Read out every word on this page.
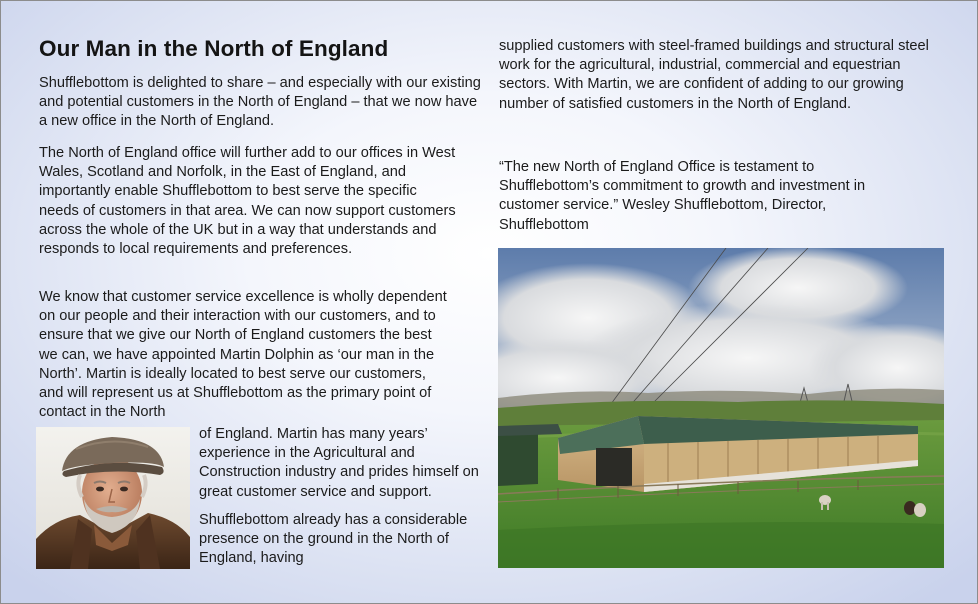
Our Man in the North of England

Shufflebottom is delighted to share – and especially with our existing and potential customers in the North of England – that we now have a new office in the North of England.

The North of England office will further add to our offices in West Wales, Scotland and Norfolk, in the East of England, and importantly enable Shufflebottom to best serve the specific needs of customers in that area. We can now support customers across the whole of the UK but in a way that understands and responds to local requirements and preferences.

We know that customer service excellence is wholly dependent on our people and their interaction with our customers, and to ensure that we give our North of England customers the best we can, we have appointed Martin Dolphin as ‘our man in the North’. Martin is ideally located to best serve our customers, and will represent us at Shufflebottom as the primary point of contact in the North

of England. Martin has many years’ experience in the Agricultural and Construction industry and prides himself on great customer service and support.

Shufflebottom already has a considerable presence on the ground in the North of England, having

supplied customers with steel-framed buildings and structural steel work for the agricultural, industrial, commercial and equestrian sectors. With Martin, we are confident of adding to our growing number of satisfied customers in the North of England.

“The new North of England Office is testament to Shufflebottom’s commitment to growth and investment in customer service.” Wesley Shufflebottom, Director, Shufflebottom
